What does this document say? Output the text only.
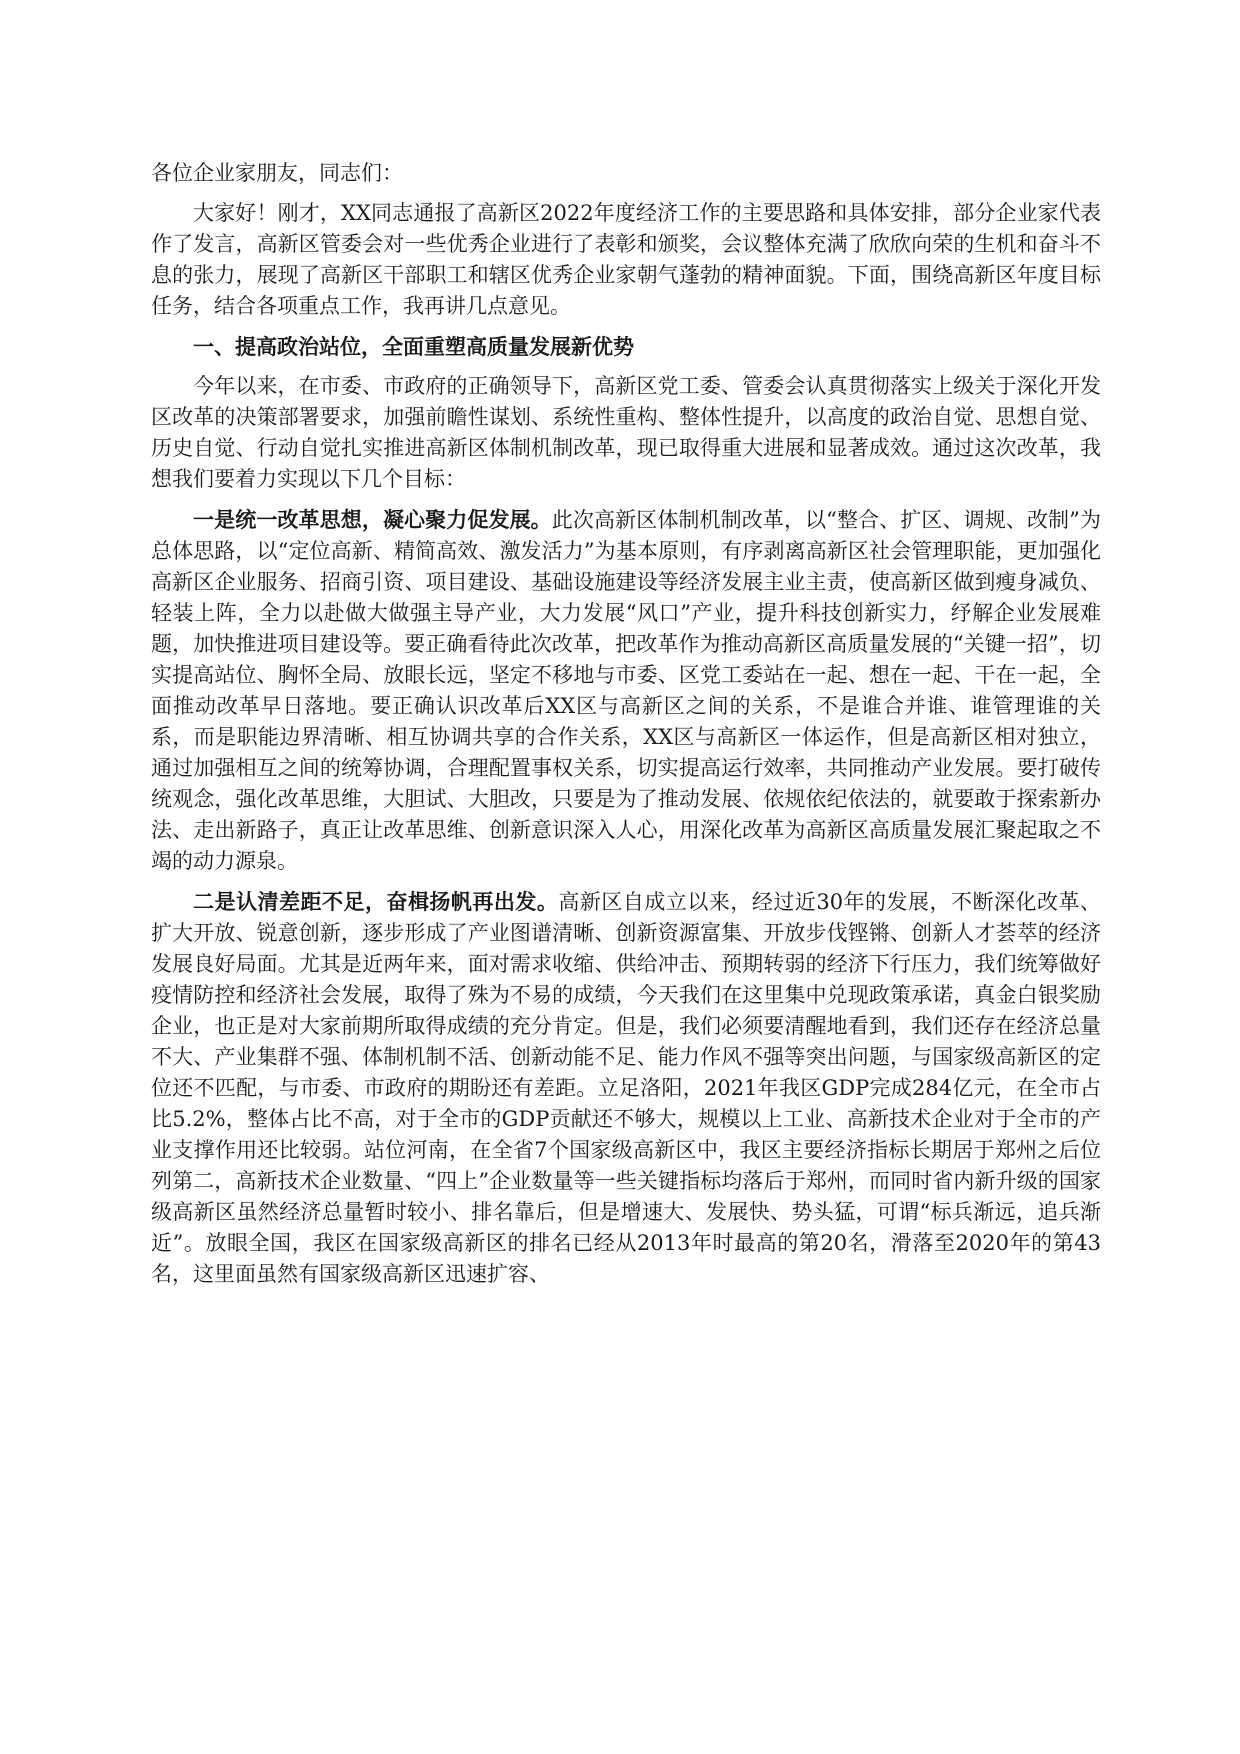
各位企业家朋友，同志们：

大家好！刚才，XX同志通报了高新区2022年度经济工作的主要思路和具体安排，部分企业家代表作了发言，高新区管委会对一些优秀企业进行了表彰和颁奖，会议整体充满了欣欣向荣的生机和奋斗不息的张力，展现了高新区干部职工和辖区优秀企业家朝气蓬勃的精神面貌。下面，围绕高新区年度目标任务，结合各项重点工作，我再讲几点意见。

一、提高政治站位，全面重塑高质量发展新优势

今年以来，在市委、市政府的正确领导下，高新区党工委、管委会认真贯彻落实上级关于深化开发区改革的决策部署要求，加强前瞻性谋划、系统性重构、整体性提升，以高度的政治自觉、思想自觉、历史自觉、行动自觉扎实推进高新区体制机制改革，现已取得重大进展和显著成效。通过这次改革，我想我们要着力实现以下几个目标：

一是统一改革思想，凝心聚力促发展。此次高新区体制机制改革，以“整合、扩区、调规、改制”为总体思路，以“定位高新、精简高效、激发活力”为基本原则，有序剥离高新区社会管理职能，更加强化高新区企业服务、招商引资、项目建设、基础设施建设等经济发展主业主责，使高新区做到瘦身减负、轻装上阵，全力以赴做大做强主导产业，大力发展“风口”产业，提升科技创新实力，纾解企业发展难题，加快推进项目建设等。要正确看待此次改革，把改革作为推动高新区高质量发展的“关键一招”，切实提高站位、胸怀全局、放眼长远，坚定不移地与市委、区党工委站在一起、想在一起、干在一起，全面推动改革早日落地。要正确认识改革后XX区与高新区之间的关系，不是谁合并谁、谁管理谁的关系，而是职能边界清晰、相互协调共享的合作关系，XX区与高新区一体运作，但是高新区相对独立，通过加强相互之间的统筹协调，合理配置事权关系，切实提高运行效率，共同推动产业发展。要打破传统观念，强化改革思维，大胆试、大胆改，只要是为了推动发展、依规依纪依法的，就要敢于探索新办法、走出新路子，真正让改革思维、创新意识深入人心，用深化改革为高新区高质量发展汇聚起取之不竭的动力源泉。

二是认清差距不足，奋楫扬帆再出发。高新区自成立以来，经过近30年的发展，不断深化改革、扩大开放、锐意创新，逐步形成了产业图谱清晰、创新资源富集、开放步伐铿锵、创新人才荟萃的经济发展良好局面。尤其是近两年来，面对需求收缩、供给冲击、预期转弱的经济下行压力，我们统筹做好疫情防控和经济社会发展，取得了殊为不易的成绩，今天我们在这里集中兑现政策承诺，真金白银奖励企业，也正是对大家前期所取得成绩的充分肯定。但是，我们必须要清醒地看到，我们还存在经济总量不大、产业集群不强、体制机制不活、创新动能不足、能力作风不强等突出问题，与国家级高新区的定位还不匹配，与市委、市政府的期盼还有差距。立足洛阳，2021年我区GDP完成284亿元，在全市占比5.2%，整体占比不高，对于全市的GDP贡献还不够大，规模以上工业、高新技术企业对于全市的产业支撑作用还比较弱。站位河南，在全省7个国家级高新区中，我区主要经济指标长期居于郑州之后位列第二，高新技术企业数量、“四上”企业数量等一些关键指标均落后于郑州，而同时省内新升级的国家级高新区虽然经济总量暂时较小、排名靠后，但是增速大、发展快、势头猛，可谓“标兵渐远，追兵渐近”。放眼全国，我区在国家级高新区的排名已经从2013年时最高的第20名，滑落至2020年的第43名，这里面虽然有国家级高新区迅速扩容、
